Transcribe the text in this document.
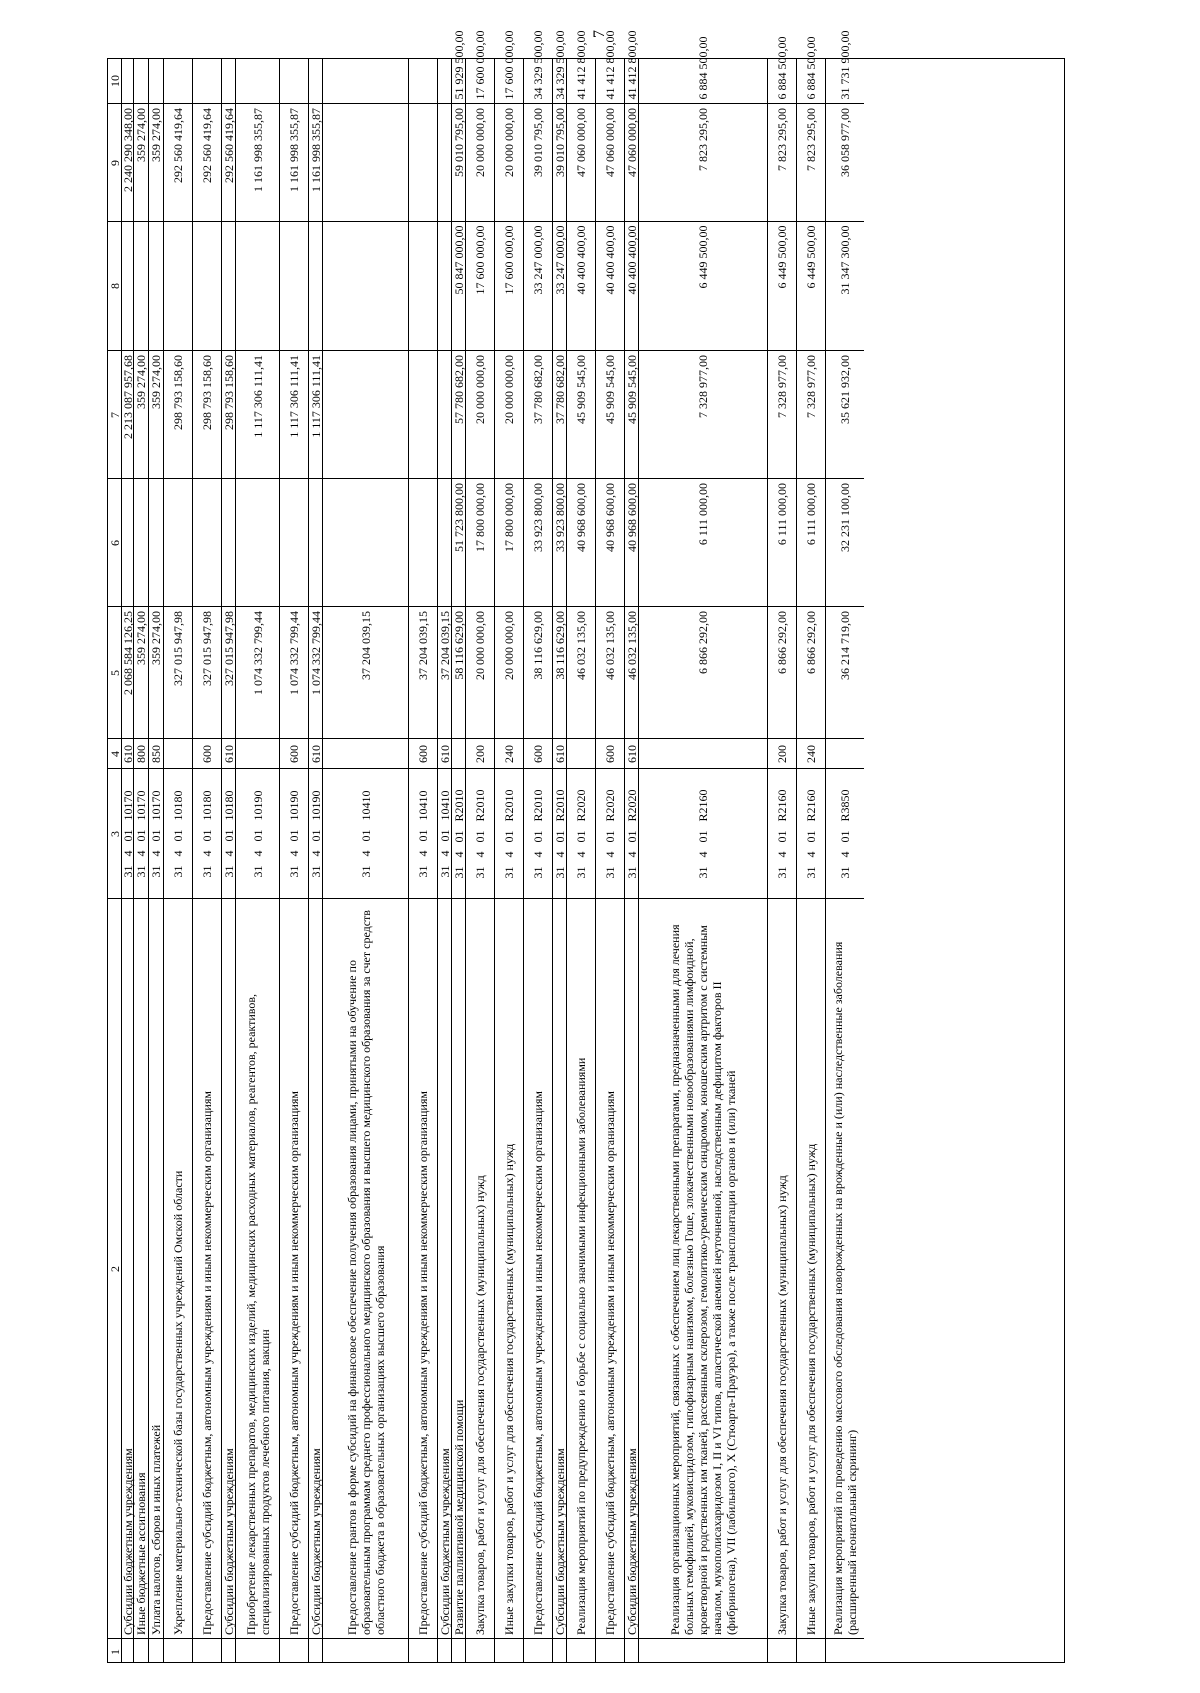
7
10
9
8
7
6
5
4
3
2
1
2 240 290 348,00
2 213 087 957,68
2 068 584 126,25
610
31 4 01 10170
Субсидии бюджетным учреждениям
359 274,00
359 274,00
359 274,00
800
31 4 01 10170
Иные бюджетные ассигнования
359 274,00
359 274,00
359 274,00
850
31 4 01 10170
Уплата налогов, сборов и иных платежей
292 560 419,64
298 793 158,60
327 015 947,98
31 4 01 10180
Укрепление материально-технической базы государственных учреждений Омской области
292 560 419,64
298 793 158,60
327 015 947,98
600
31 4 01 10180
Предоставление субсидий бюджетным, автономным учреждениям и иным некоммерческим организациям
292 560 419,64
298 793 158,60
327 015 947,98
610
31 4 01 10180
Субсидии бюджетным учреждениям
1 161 998 355,87
1 117 306 111,41
1 074 332 799,44
31 4 01 10190
Приобретение лекарственных препаратов, медицинских изделий, медицинских расходных материалов, реагентов, реактивов, специализированных продуктов лечебного питания, вакцин
1 161 998 355,87
1 117 306 111,41
1 074 332 799,44
600
31 4 01 10190
Предоставление субсидий бюджетным, автономным учреждениям и иным некоммерческим организациям
1 161 998 355,87
1 117 306 111,41
1 074 332 799,44
610
31 4 01 10190
Субсидии бюджетным учреждениям
37 204 039,15
31 4 01 10410
Предоставление грантов в форме субсидий на финансовое обеспечение получения образования лицами, принятыми на обучение по образовательным программам среднего профессионального медицинского образования и высшего медицинского образования за счет средств областного бюджета в образовательных организациях высшего образования
37 204 039,15
600
31 4 01 10410
Предоставление субсидий бюджетным, автономным учреждениям и иным некоммерческим организациям
37 204 039,15
610
31 4 01 10410
Субсидии бюджетным учреждениям
51 929 500,00
59 010 795,00
50 847 000,00
57 780 682,00
51 723 800,00
58 116 629,00
31 4 01 R2010
Развитие паллиативной медицинской помощи
17 600 000,00
20 000 000,00
17 600 000,00
20 000 000,00
17 800 000,00
20 000 000,00
200
31 4 01 R2010
Закупка товаров, работ и услуг для обеспечения государственных (муниципальных) нужд
17 600 000,00
20 000 000,00
17 600 000,00
20 000 000,00
17 800 000,00
20 000 000,00
240
31 4 01 R2010
Иные закупки товаров, работ и услуг для обеспечения государственных (муниципальных) нужд
34 329 500,00
39 010 795,00
33 247 000,00
37 780 682,00
33 923 800,00
38 116 629,00
600
31 4 01 R2010
Предоставление субсидий бюджетным, автономным учреждениям и иным некоммерческим организациям
34 329 500,00
39 010 795,00
33 247 000,00
37 780 682,00
33 923 800,00
38 116 629,00
610
31 4 01 R2010
Субсидии бюджетным учреждениям
41 412 800,00
47 060 000,00
40 400 400,00
45 909 545,00
40 968 600,00
46 032 135,00
31 4 01 R2020
Реализация мероприятий по предупреждению и борьбе с социально значимыми инфекционными заболеваниями
41 412 800,00
47 060 000,00
40 400 400,00
45 909 545,00
40 968 600,00
46 032 135,00
600
31 4 01 R2020
Предоставление субсидий бюджетным, автономным учреждениям и иным некоммерческим организациям
41 412 800,00
47 060 000,00
40 400 400,00
45 909 545,00
40 968 600,00
46 032 135,00
610
31 4 01 R2020
Субсидии бюджетным учреждениям
6 884 500,00
7 823 295,00
6 449 500,00
7 328 977,00
6 111 000,00
6 866 292,00
31 4 01 R2160
Реализация организационных мероприятий, связанных с обеспечением лиц лекарственными препаратами, предназначенными для лечения больных гемофилией, муковисцидозом, гипофизарным нанизмом, болезнью Гоше, злокачественными новообразованиями лимфоидной, кроветворной и родственных им тканей, рассеянным склерозом, гемолитико-уремическим синдромом, юношеским артритом с системным началом, мукополисахаридозом I, II и VI типов, апластической анемией неуточненной, наследственным дефицитом факторов II (фибриногена), VII (лабильного), X (Стюарта-Прауэра), а также после трансплантации органов и (или) тканей
6 884 500,00
7 823 295,00
6 449 500,00
7 328 977,00
6 111 000,00
6 866 292,00
200
31 4 01 R2160
Закупка товаров, работ и услуг для обеспечения государственных (муниципальных) нужд
6 884 500,00
7 823 295,00
6 449 500,00
7 328 977,00
6 111 000,00
6 866 292,00
240
31 4 01 R2160
Иные закупки товаров, работ и услуг для обеспечения государственных (муниципальных) нужд
31 731 900,00
36 058 977,00
31 347 300,00
35 621 932,00
32 231 100,00
36 214 719,00
31 4 01 R3850
Реализация мероприятий по проведению массового обследования новорожденных на врожденные и (или) наследственные заболевания (расширенный неонатальный скрининг)
